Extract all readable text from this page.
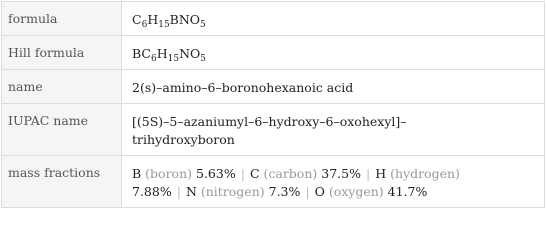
formula	$C_6H_{15}BNO_5$
Hill formula	$BC_6H_{15}NO_5$
name	2(s)–amino–6–boronohexanoic acid
IUPAC name	[(5S)–5–azaniumyl–6–hydroxy–6–oxohexyl]–
trihydroxyboron

mass fractions	B (boron) 5.63% | C (carbon) 37.5% | H (hydrogen)
7.88% | N (nitrogen) 7.3% | O (oxygen) 41.7%
